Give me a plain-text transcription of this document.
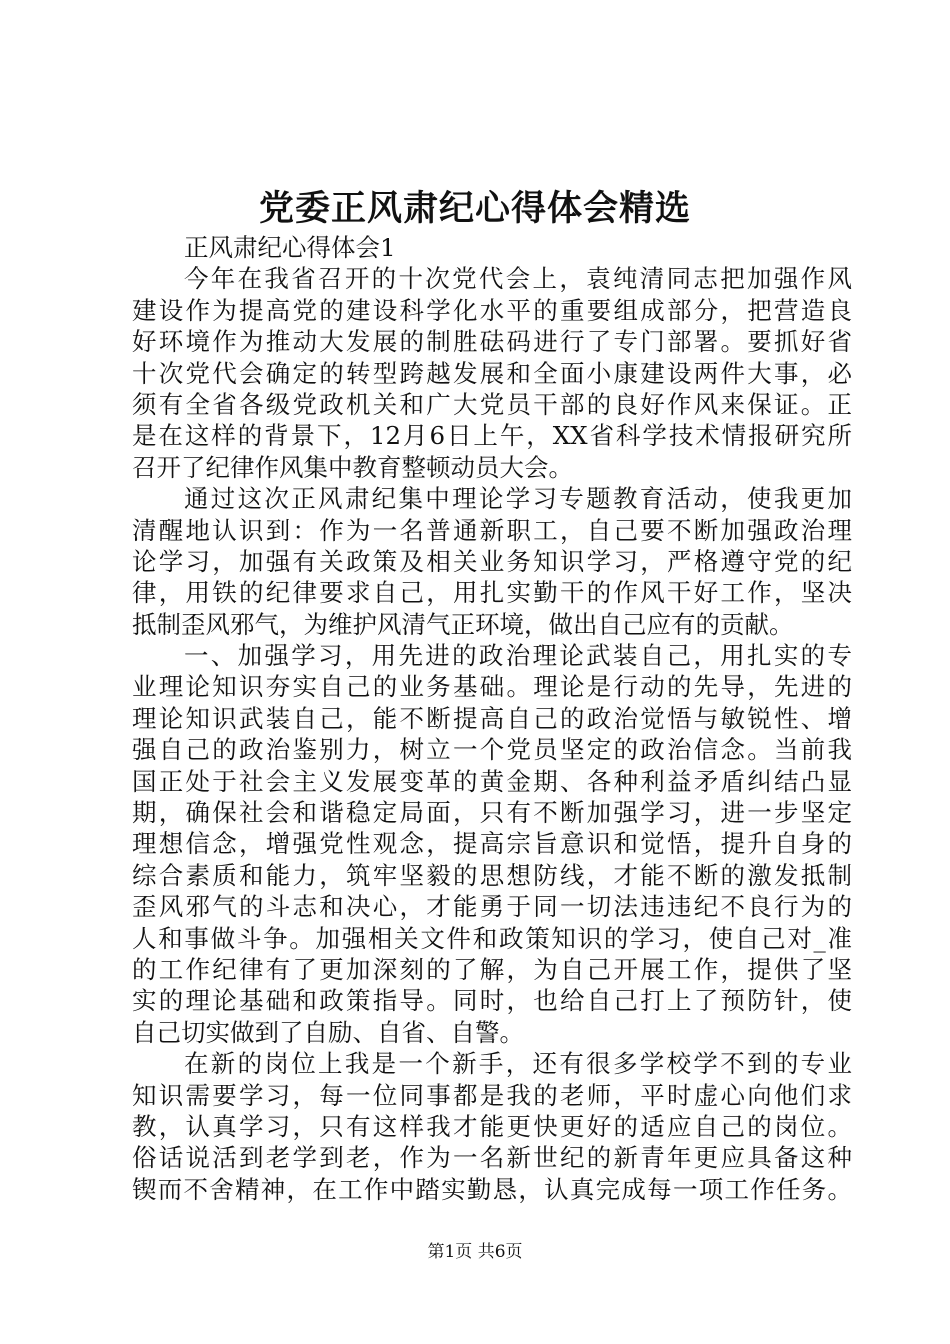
党委正风肃纪心得体会精选
正风肃纪心得体会1
今年在我省召开的十次党代会上，袁纯清同志把加强作风
建设作为提高党的建设科学化水平的重要组成部分，把营造良
好环境作为推动大发展的制胜砝码进行了专门部署。要抓好省
十次党代会确定的转型跨越发展和全面小康建设两件大事，必
须有全省各级党政机关和广大党员干部的良好作风来保证。正
是在这样的背景下，12月6日上午，XX省科学技术情报研究所
召开了纪律作风集中教育整顿动员大会。
通过这次正风肃纪集中理论学习专题教育活动，使我更加
清醒地认识到：作为一名普通新职工，自己要不断加强政治理
论学习，加强有关政策及相关业务知识学习，严格遵守党的纪
律，用铁的纪律要求自己，用扎实勤干的作风干好工作，坚决
抵制歪风邪气，为维护风清气正环境，做出自己应有的贡献。
一、加强学习，用先进的政治理论武装自己，用扎实的专
业理论知识夯实自己的业务基础。理论是行动的先导，先进的
理论知识武装自己，能不断提高自己的政治觉悟与敏锐性、增
强自己的政治鉴别力，树立一个党员坚定的政治信念。当前我
国正处于社会主义发展变革的黄金期、各种利益矛盾纠结凸显
期，确保社会和谐稳定局面，只有不断加强学习，进一步坚定
理想信念，增强党性观念，提高宗旨意识和觉悟，提升自身的
综合素质和能力，筑牢坚毅的思想防线，才能不断的激发抵制
歪风邪气的斗志和决心，才能勇于同一切法违违纪不良行为的
人和事做斗争。加强相关文件和政策知识的学习，使自己对_准
的工作纪律有了更加深刻的了解，为自己开展工作，提供了坚
实的理论基础和政策指导。同时，也给自己打上了预防针，使
自己切实做到了自励、自省、自警。
在新的岗位上我是一个新手，还有很多学校学不到的专业
知识需要学习，每一位同事都是我的老师，平时虚心向他们求
教，认真学习，只有这样我才能更快更好的适应自己的岗位。
俗话说活到老学到老，作为一名新世纪的新青年更应具备这种
锲而不舍精神，在工作中踏实勤恳，认真完成每一项工作任务。
第1页 共6页
